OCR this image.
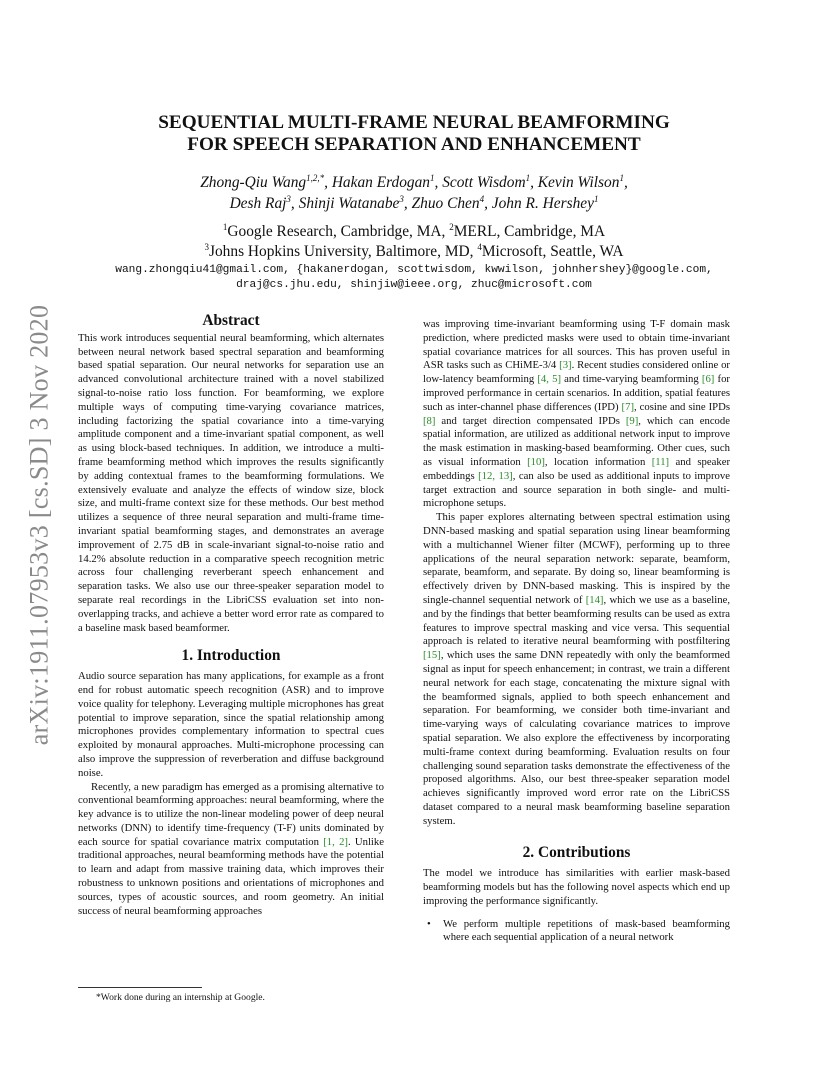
arXiv:1911.07953v3 [cs.SD] 3 Nov 2020
SEQUENTIAL MULTI-FRAME NEURAL BEAMFORMING
FOR SPEECH SEPARATION AND ENHANCEMENT
Zhong-Qiu Wang$^{1,2,*}$, Hakan Erdogan$^1$, Scott Wisdom$^1$, Kevin Wilson$^1$,
Desh Raj$^3$, Shinji Watanabe$^3$, Zhuo Chen$^4$, John R. Hershey$^1$
$^1$Google Research, Cambridge, MA, $^2$MERL, Cambridge, MA
$^3$Johns Hopkins University, Baltimore, MD, $^4$Microsoft, Seattle, WA
wang.zhongqiu41@gmail.com, {hakanerdogan, scottwisdom, kwwilson, johnhershey}@google.com,
draj@cs.jhu.edu, shinjiw@ieee.org, zhuc@microsoft.com
Abstract

This work introduces sequential neural beamforming, which alternates between neural network based spectral separation and beamforming based spatial separation. Our neural networks for separation use an advanced convolutional architecture trained with a novel stabilized signal-to-noise ratio loss function. For beamforming, we explore multiple ways of computing time-varying covariance matrices, including factorizing the spatial covariance into a time-varying amplitude component and a time-invariant spatial component, as well as using block-based techniques. In addition, we introduce a multi-frame beamforming method which improves the results significantly by adding contextual frames to the beamforming formulations. We extensively evaluate and analyze the effects of window size, block size, and multi-frame context size for these methods. Our best method utilizes a sequence of three neural separation and multi-frame time-invariant spatial beamforming stages, and demonstrates an average improvement of 2.75 dB in scale-invariant signal-to-noise ratio and 14.2% absolute reduction in a comparative speech recognition metric across four challenging reverberant speech enhancement and separation tasks. We also use our three-speaker separation model to separate real recordings in the LibriCSS evaluation set into non-overlapping tracks, and achieve a better word error rate as compared to a baseline mask based beamformer.

1. Introduction

Audio source separation has many applications, for example as a front end for robust automatic speech recognition (ASR) and to improve voice quality for telephony. Leveraging multiple microphones has great potential to improve separation, since the spatial relationship among microphones provides complementary information to spectral cues exploited by monaural approaches. Multi-microphone processing can also improve the suppression of reverberation and diffuse background noise.

Recently, a new paradigm has emerged as a promising alternative to conventional beamforming approaches: neural beamforming, where the key advance is to utilize the non-linear modeling power of deep neural networks (DNN) to identify time-frequency (T-F) units dominated by each source for spatial covariance matrix computation [1, 2]. Unlike traditional approaches, neural beamforming methods have the potential to learn and adapt from massive training data, which improves their robustness to unknown positions and orientations of microphones and sources, types of acoustic sources, and room geometry. An initial success of neural beamforming approaches

was improving time-invariant beamforming using T-F domain mask prediction, where predicted masks were used to obtain time-invariant spatial covariance matrices for all sources. This has proven useful in ASR tasks such as CHiME-3/4 [3]. Recent studies considered online or low-latency beamforming [4, 5] and time-varying beamforming [6] for improved performance in certain scenarios. In addition, spatial features such as inter-channel phase differences (IPD) [7], cosine and sine IPDs [8] and target direction compensated IPDs [9], which can encode spatial information, are utilized as additional network input to improve the mask estimation in masking-based beamforming. Other cues, such as visual information [10], location information [11] and speaker embeddings [12, 13], can also be used as additional inputs to improve target extraction and source separation in both single- and multi-microphone setups.

This paper explores alternating between spectral estimation using DNN-based masking and spatial separation using linear beamforming with a multichannel Wiener filter (MCWF), performing up to three applications of the neural separation network: separate, beamform, separate, beamform, and separate. By doing so, linear beamforming is effectively driven by DNN-based masking. This is inspired by the single-channel sequential network of [14], which we use as a baseline, and by the findings that better beamforming results can be used as extra features to improve spectral masking and vice versa. This sequential approach is related to iterative neural beamforming with postfiltering [15], which uses the same DNN repeatedly with only the beamformed signal as input for speech enhancement; in contrast, we train a different neural network for each stage, concatenating the mixture signal with the beamformed signals, applied to both speech enhancement and separation. For beamforming, we consider both time-invariant and time-varying ways of calculating covariance matrices to improve spatial separation. We also explore the effectiveness by incorporating multi-frame context during beamforming. Evaluation results on four challenging sound separation tasks demonstrate the effectiveness of the proposed algorithms. Also, our best three-speaker separation model achieves significantly improved word error rate on the LibriCSS dataset compared to a neural mask beamforming baseline separation system.

2. Contributions

The model we introduce has similarities with earlier mask-based beamforming models but has the following novel aspects which end up improving the performance significantly.

•	We perform multiple repetitions of mask-based beamforming where each sequential application of a neural network
*Work done during an internship at Google.
